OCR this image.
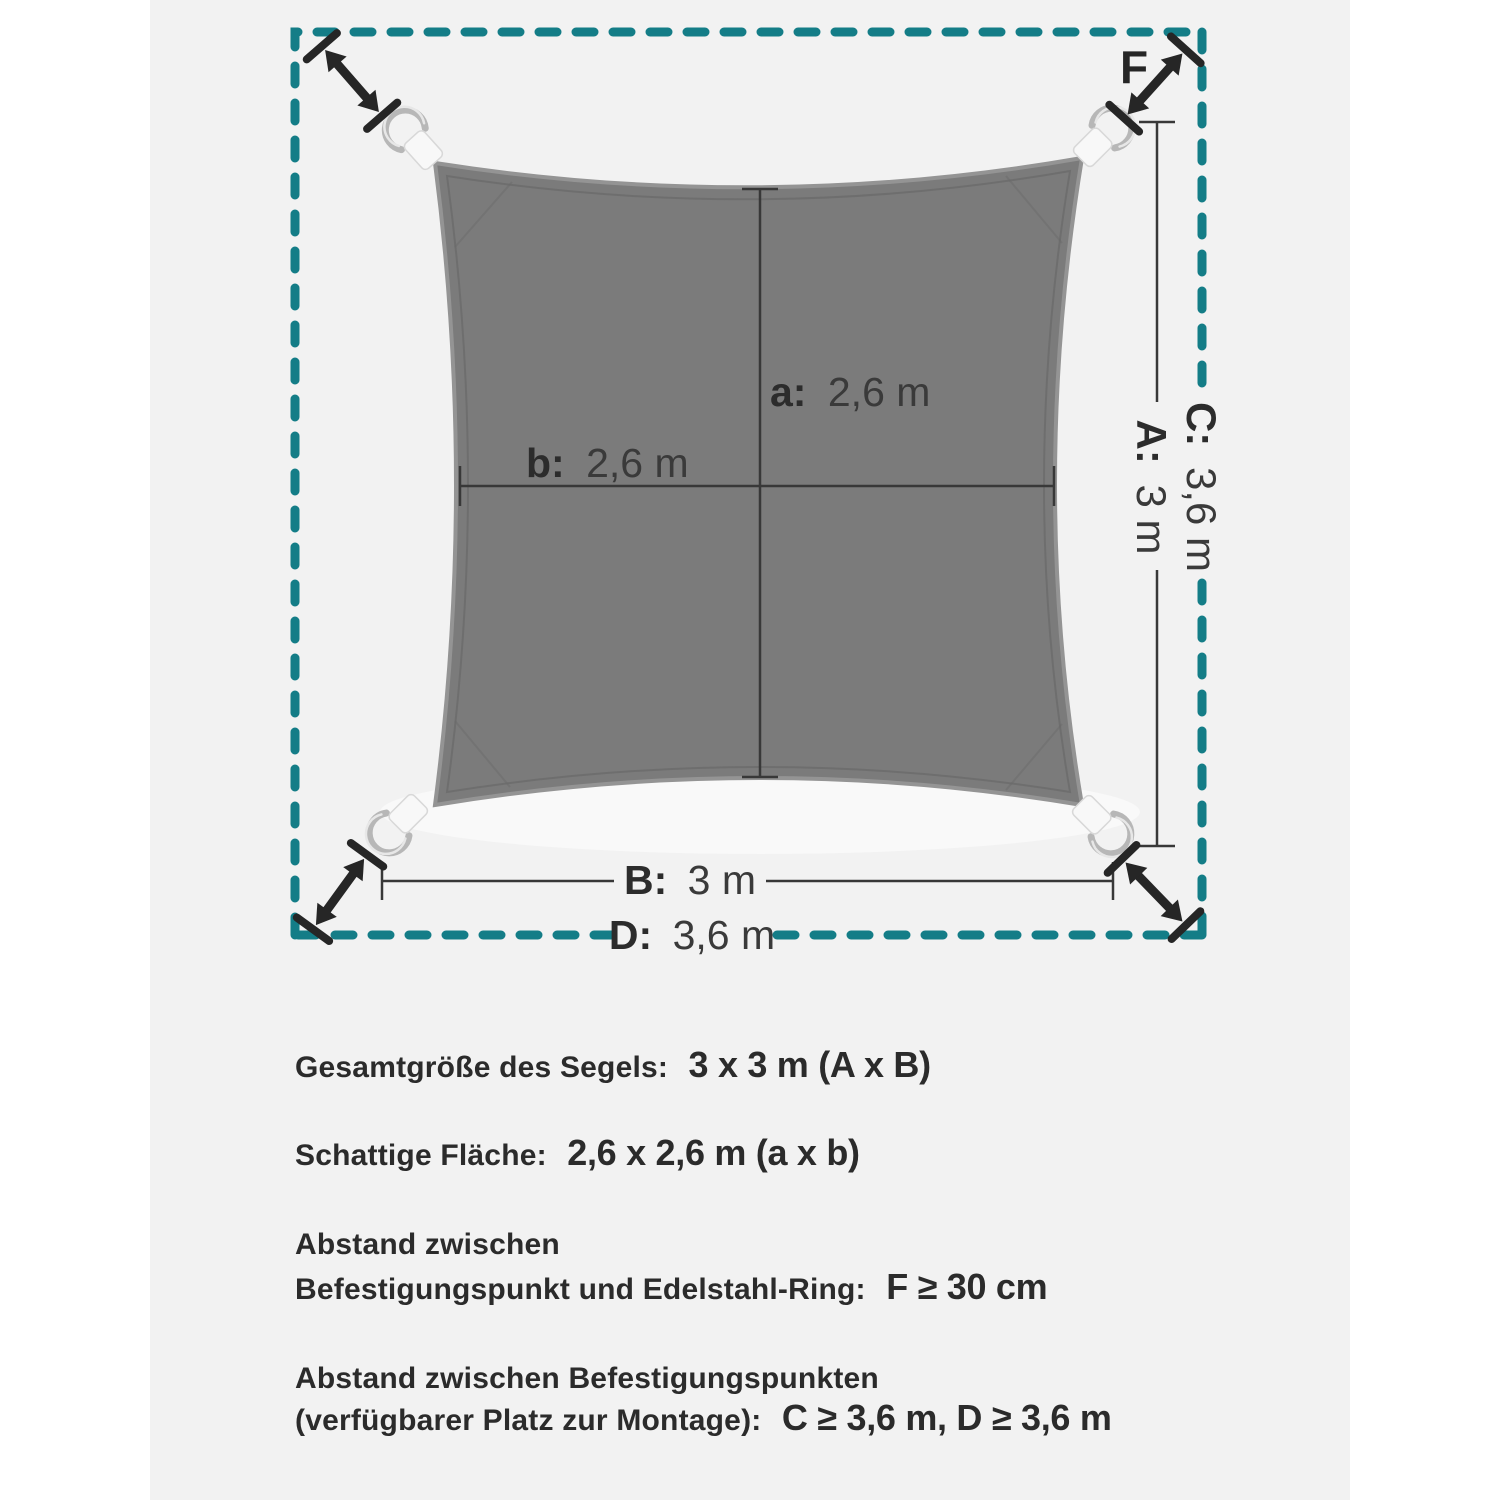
F
a: 2,6 m
b: 2,6 m
B: 3 m
D: 3,6 m
C: 3,6 m
A: 3 m
Gesamtgröße des Segels: 3 x 3 m (A x B)
Schattige Fläche: 2,6 x 2,6 m (a x b)
Abstand zwischen
Befestigungspunkt und Edelstahl-Ring: F ≥ 30 cm
Abstand zwischen Befestigungspunkten
(verfügbarer Platz zur Montage): C ≥ 3,6 m, D ≥ 3,6 m
